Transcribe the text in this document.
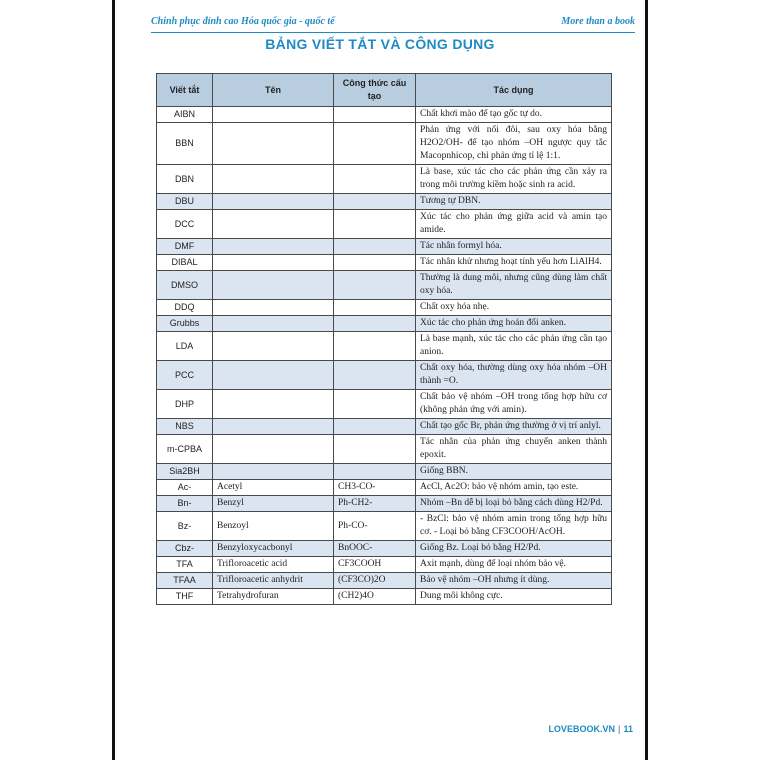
Chinh phục đỉnh cao Hóa quốc gia - quốc tế	More than a book
BẢNG VIẾT TẮT VÀ CÔNG DỤNG
Viết tắt	Tên	Công thức cấu tạo	Tác dụng
AIBN			Chất khơi mào để tạo gốc tự do.
BBN			Phản ứng với nối đôi, sau oxy hóa bằng H2O2/OH- để tạo nhóm –OH ngược quy tắc Macopnhicop, chỉ phản ứng tỉ lệ 1:1.
DBN			Là base, xúc tác cho các phản ứng cần xảy ra trong môi trường kiềm hoặc sinh ra acid.
DBU			Tương tự DBN.
DCC			Xúc tác cho phản ứng giữa acid và amin tạo amide.
DMF			Tác nhân formyl hóa.
DIBAL			Tác nhân khử nhưng hoạt tính yếu hơn LiAlH4.
DMSO			Thường là dung môi, nhưng cũng dùng làm chất oxy hóa.
DDQ			Chất oxy hóa nhẹ.
Grubbs			Xúc tác cho phản ứng hoán đổi anken.
LDA			Là base mạnh, xúc tác cho các phản ứng cần tạo anion.
PCC			Chất oxy hóa, thường dùng oxy hóa nhóm –OH thành =O.
DHP			Chất bảo vệ nhóm –OH trong tổng hợp hữu cơ (không phản ứng với amin).
NBS			Chất tạo gốc Br, phản ứng thường ở vị trí anlyl.
m-CPBA			Tác nhân của phản ứng chuyển anken thành epoxit.
Sia2BH			Giống BBN.
Ac-	Acetyl	CH3-CO-	AcCl, Ac2O: bảo vệ nhóm amin, tạo este.
Bn-	Benzyl	Ph-CH2-	Nhóm –Bn dễ bị loại bỏ bằng cách dùng H2/Pd.
Bz-	Benzoyl	Ph-CO-	- BzCl: bảo vệ nhóm amin trong tổng hợp hữu cơ. - Loại bỏ bằng CF3COOH/AcOH.
Cbz-	Benzyloxycacbonyl	BnOOC-	Giống Bz. Loại bỏ bằng H2/Pd.
TFA	Trifloroacetic acid	CF3COOH	Axit mạnh, dùng để loại nhóm bảo vệ.
TFAA	Trifloroacetic anhydrit	(CF3CO)2O	Bảo vệ nhóm –OH nhưng ít dùng.
THF	Tetrahydrofuran	(CH2)4O	Dung môi không cực.
LOVEBOOK.VN | 11
